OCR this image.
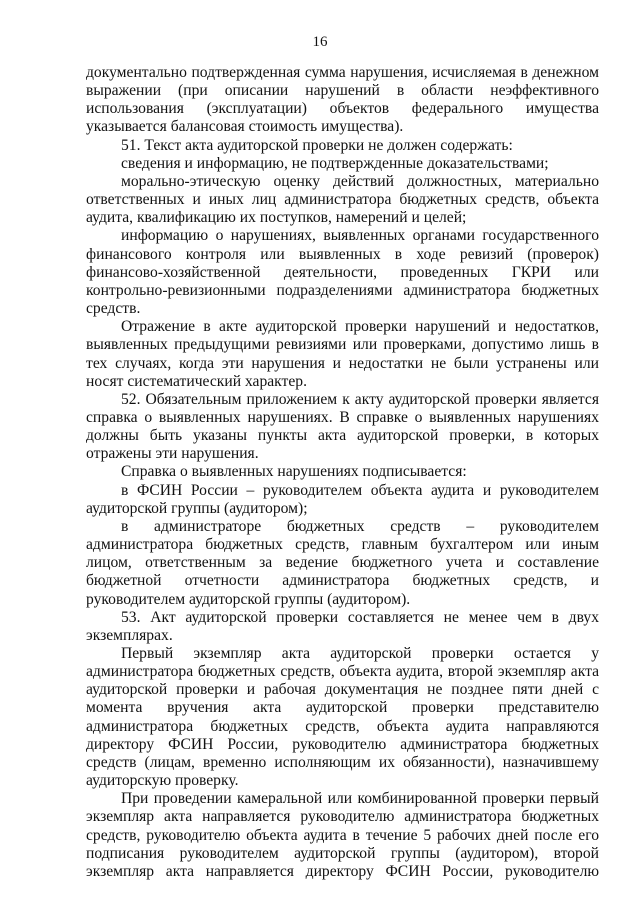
16

документально подтвержденная сумма нарушения, исчисляемая в денежном выражении (при описании нарушений в области неэффективного использования (эксплуатации) объектов федерального имущества указывается балансовая стоимость имущества).

51. Текст акта аудиторской проверки не должен содержать:

сведения и информацию, не подтвержденные доказательствами;

морально-этическую оценку действий должностных, материально ответственных и иных лиц администратора бюджетных средств, объекта аудита, квалификацию их поступков, намерений и целей;

информацию о нарушениях, выявленных органами государственного финансового контроля или выявленных в ходе ревизий (проверок) финансово-хозяйственной деятельности, проведенных ГКРИ или контрольно-ревизионными подразделениями администратора бюджетных средств.

Отражение в акте аудиторской проверки нарушений и недостатков, выявленных предыдущими ревизиями или проверками, допустимо лишь в тех случаях, когда эти нарушения и недостатки не были устранены или носят систематический характер.

52. Обязательным приложением к акту аудиторской проверки является справка о выявленных нарушениях. В справке о выявленных нарушениях должны быть указаны пункты акта аудиторской проверки, в которых отражены эти нарушения.

Справка о выявленных нарушениях подписывается:

в ФСИН России – руководителем объекта аудита и руководителем аудиторской группы (аудитором);

в администраторе бюджетных средств – руководителем администратора бюджетных средств, главным бухгалтером или иным лицом, ответственным за ведение бюджетного учета и составление бюджетной отчетности администратора бюджетных средств, и руководителем аудиторской группы (аудитором).

53. Акт аудиторской проверки составляется не менее чем в двух экземплярах.

Первый экземпляр акта аудиторской проверки остается у администратора бюджетных средств, объекта аудита, второй экземпляр акта аудиторской проверки и рабочая документация не позднее пяти дней с момента вручения акта аудиторской проверки представителю администратора бюджетных средств, объекта аудита направляются директору ФСИН России, руководителю администратора бюджетных средств (лицам, временно исполняющим их обязанности), назначившему аудиторскую проверку.

При проведении камеральной или комбинированной проверки первый экземпляр акта направляется руководителю администратора бюджетных средств, руководителю объекта аудита в течение 5 рабочих дней после его подписания руководителем аудиторской группы (аудитором), второй экземпляр акта направляется директору ФСИН России, руководителю
